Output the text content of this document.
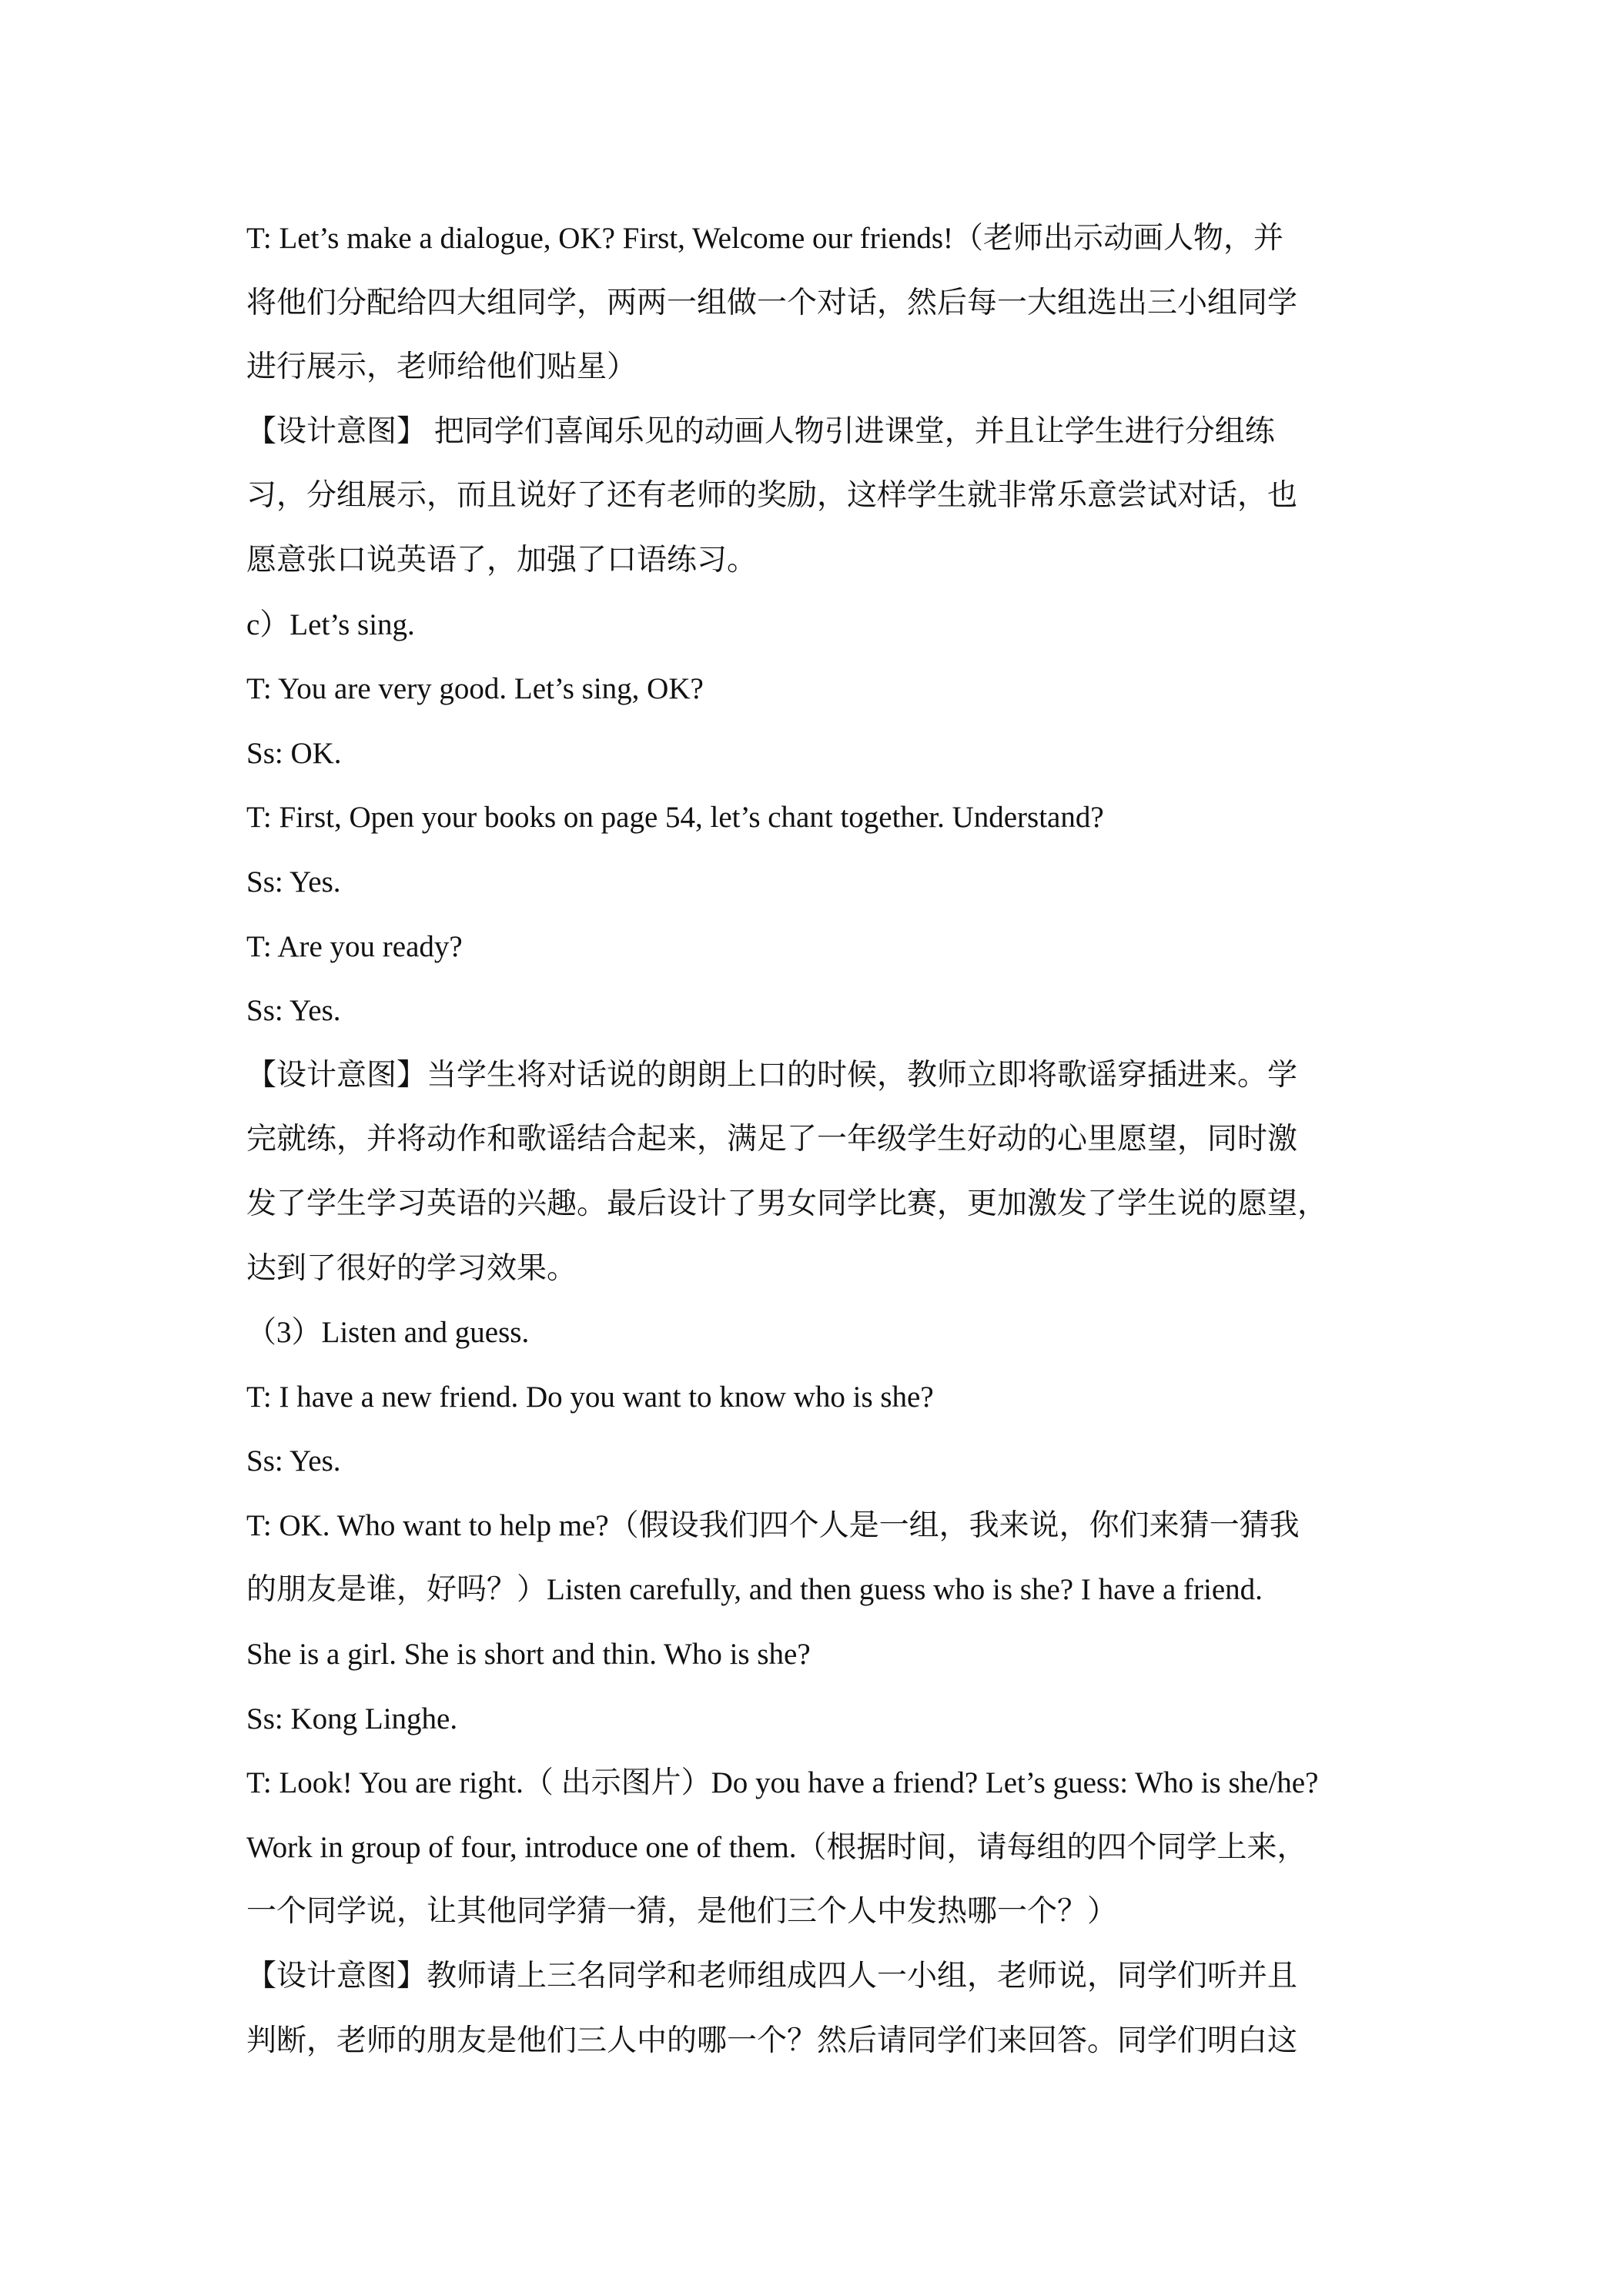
T: Let’s make a dialogue, OK? First, Welcome our friends!（老师出示动画人物，并
将他们分配给四大组同学，两两一组做一个对话，然后每一大组选出三小组同学
进行展示，老师给他们贴星）
【设计意图】 把同学们喜闻乐见的动画人物引进课堂，并且让学生进行分组练
习，分组展示，而且说好了还有老师的奖励，这样学生就非常乐意尝试对话，也
愿意张口说英语了，加强了口语练习。
c）Let’s sing.
T: You are very good. Let’s sing, OK?
Ss: OK.
T: First, Open your books on page 54, let’s chant together. Understand?
Ss: Yes.
T: Are you ready?
Ss: Yes.
【设计意图】当学生将对话说的朗朗上口的时候，教师立即将歌谣穿插进来。学
完就练，并将动作和歌谣结合起来，满足了一年级学生好动的心里愿望，同时激
发了学生学习英语的兴趣。最后设计了男女同学比赛，更加激发了学生说的愿望，
达到了很好的学习效果。
（3）Listen and guess.
T: I have a new friend. Do you want to know who is she?
Ss: Yes.
T: OK. Who want to help me?（假设我们四个人是一组，我来说，你们来猜一猜我
的朋友是谁，好吗？）Listen carefully, and then guess who is she? I have a friend.
She is a girl. She is short and thin. Who is she?
Ss: Kong Linghe.
T: Look! You are right.（ 出示图片）Do you have a friend? Let’s guess: Who is she/he?
Work in group of four, introduce one of them.（根据时间，请每组的四个同学上来，
一个同学说，让其他同学猜一猜，是他们三个人中发热哪一个？）
【设计意图】教师请上三名同学和老师组成四人一小组，老师说，同学们听并且
判断，老师的朋友是他们三人中的哪一个？然后请同学们来回答。同学们明白这
